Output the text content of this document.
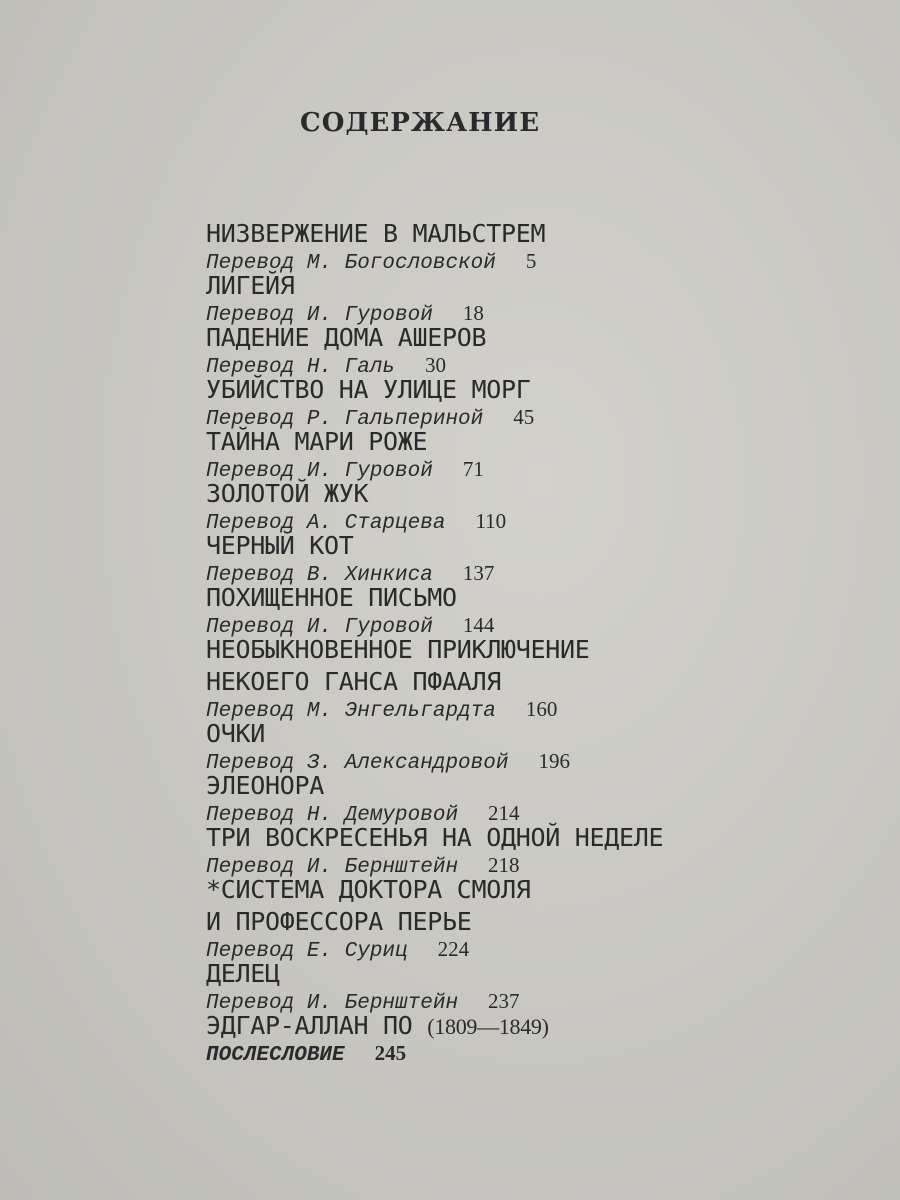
СОДЕРЖАНИЕ
НИЗВЕРЖЕНИЕ В МАЛЬСТРЕМ
Перевод М. Богословской 5
ЛИГЕЙЯ
Перевод И. Гуровой 18
ПАДЕНИЕ ДОМА АШЕРОВ
Перевод Н. Галь 30
УБИЙСТВО НА УЛИЦЕ МОРГ
Перевод Р. Гальпериной 45
ТАЙНА МАРИ РОЖЕ
Перевод И. Гуровой 71
ЗОЛОТОЙ ЖУК
Перевод А. Старцева 110
ЧЕРНЫЙ КОТ
Перевод В. Хинкиса 137
ПОХИЩЕННОЕ ПИСЬМО
Перевод И. Гуровой 144
НЕОБЫКНОВЕННОЕ ПРИКЛЮЧЕНИЕ
НЕКОЕГО ГАНСА ПФААЛЯ
Перевод М. Энгельгардта 160
ОЧКИ
Перевод З. Александровой 196
ЭЛЕОНОРА
Перевод Н. Демуровой 214
ТРИ ВОСКРЕСЕНЬЯ НА ОДНОЙ НЕДЕЛЕ
Перевод И. Бернштейн 218
*СИСТЕМА ДОКТОРА СМОЛЯ
И ПРОФЕССОРА ПЕРЬЕ
Перевод Е. Суриц 224
ДЕЛЕЦ
Перевод И. Бернштейн 237
ЭДГАР-АЛЛАН ПО (1809—1849)
ПОСЛЕСЛОВИЕ 245
